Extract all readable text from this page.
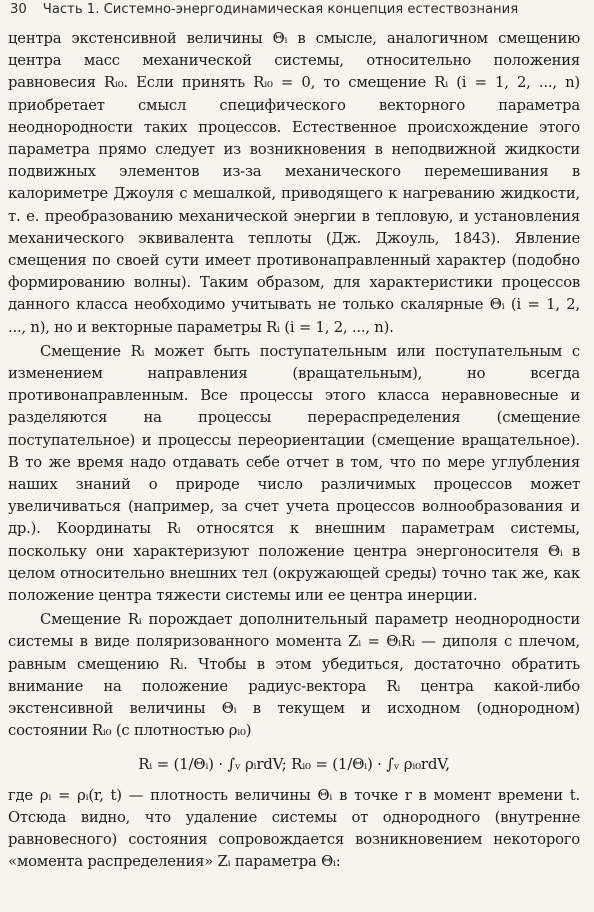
30 Часть 1. Системно-энергодинамическая концепция естествознания

центра экстенсивной величины Θᵢ в смысле, аналогичном смещению центра масс механической системы, относительно положения равновесия Rᵢ₀. Если принять Rᵢ₀ = 0, то смещение Rᵢ (i = 1, 2, ..., n) приобретает смысл специфического векторного параметра неоднородности таких процессов. Естественное происхождение этого параметра прямо следует из возникновения в неподвижной жидкости подвижных элементов из-за механического перемешивания в калориметре Джоуля с мешалкой, приводящего к нагреванию жидкости, т. е. преобразованию механической энергии в тепловую, и установления механического эквивалента теплоты (Дж. Джоуль, 1843). Явление смещения по своей сути имеет противонаправленный характер (подобно формированию волны). Таким образом, для характеристики процессов данного класса необходимо учитывать не только скалярные Θᵢ (i = 1, 2, ..., n), но и векторные параметры Rᵢ (i = 1, 2, ..., n).

Смещение Rᵢ может быть поступательным или поступательным с изменением направления (вращательным), но всегда противонаправленным. Все процессы этого класса неравновесные и разделяются на процессы перераспределения (смещение поступательное) и процессы переориентации (смещение вращательное). В то же время надо отдавать себе отчет в том, что по мере углубления наших знаний о природе число различимых процессов может увеличиваться (например, за счет учета процессов волнообразования и др.). Координаты Rᵢ относятся к внешним параметрам системы, поскольку они характеризуют положение центра энергоносителя Θᵢ в целом относительно внешних тел (окружающей среды) точно так же, как положение центра тяжести системы или ее центра инерции.

Смещение Rᵢ порождает дополнительный параметр неоднородности системы в виде поляризованного момента Zᵢ = ΘᵢRᵢ — диполя с плечом, равным смещению Rᵢ. Чтобы в этом убедиться, достаточно обратить внимание на положение радиус-вектора Rᵢ центра какой-либо экстенсивной величины Θᵢ в текущем и исходном (однородном) состоянии Rᵢ₀ (с плотностью ρᵢ₀)

Rᵢ = (1/Θᵢ) · ∫ᵥ ρᵢrdV; Rᵢ₀ = (1/Θᵢ) · ∫ᵥ ρᵢ₀rdV,

где ρᵢ = ρᵢ(r, t) — плотность величины Θᵢ в точке r в момент времени t. Отсюда видно, что удаление системы от однородного (внутренне равновесного) состояния сопровождается возникновением некоторого «момента распределения» Zᵢ параметра Θᵢ:
